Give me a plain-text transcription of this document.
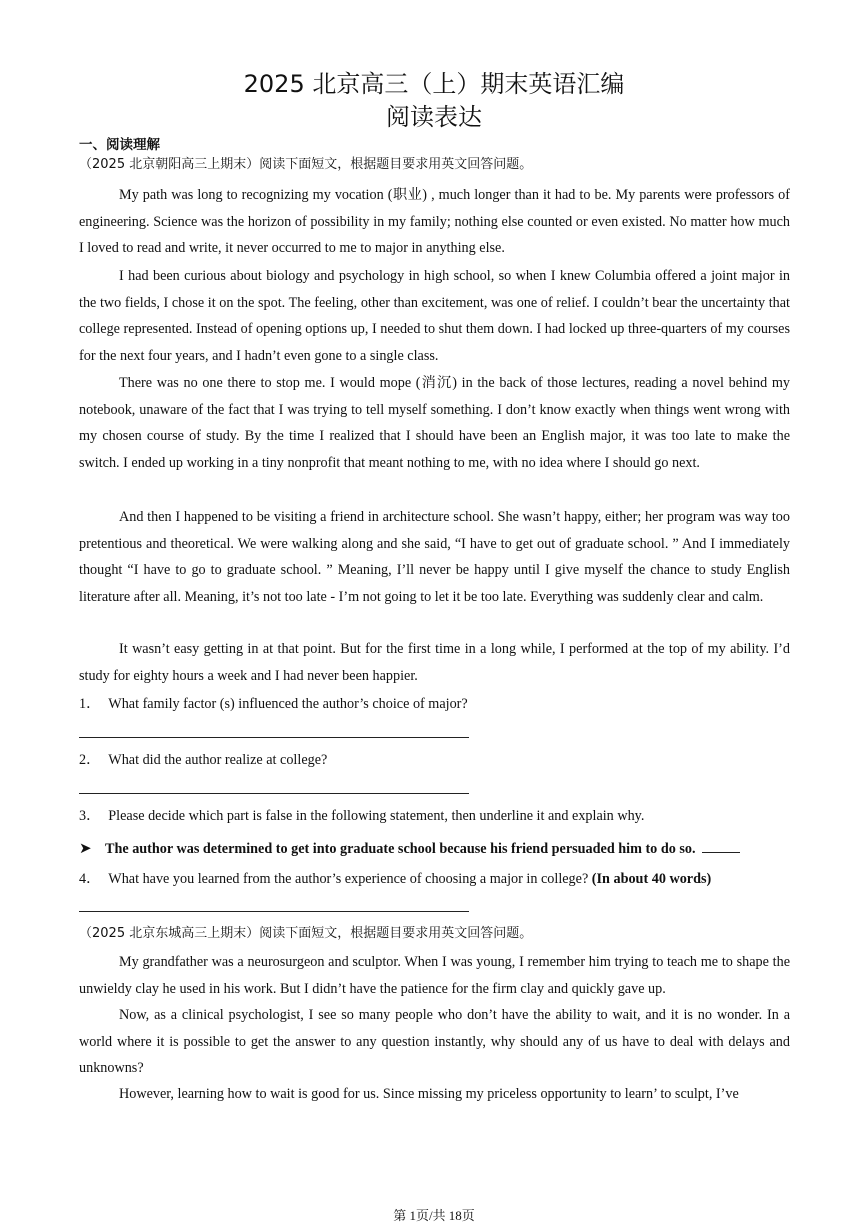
2025 北京高三（上）期末英语汇编
阅读表达
一、阅读理解
（2025 北京朝阳高三上期末）阅读下面短文，根据题目要求用英文回答问题。

My path was long to recognizing my vocation (职业) , much longer than it had to be. My parents were professors of engineering. Science was the horizon of possibility in my family; nothing else counted or even existed. No matter how much I loved to read and write, it never occurred to me to major in anything else.

I had been curious about biology and psychology in high school, so when I knew Columbia offered a joint major in the two fields, I chose it on the spot. The feeling, other than excitement, was one of relief. I couldn’t bear the uncertainty that college represented. Instead of opening options up, I needed to shut them down. I had locked up three-quarters of my courses for the next four years, and I hadn’t even gone to a single class.

There was no one there to stop me. I would mope (消沉) in the back of those lectures, reading a novel behind my notebook, unaware of the fact that I was trying to tell myself something. I don’t know exactly when things went wrong with my chosen course of study. By the time I realized that I should have been an English major, it was too late to make the switch. I ended up working in a tiny nonprofit that meant nothing to me, with no idea where I should go next.

And then I happened to be visiting a friend in architecture school. She wasn’t happy, either; her program was way too pretentious and theoretical. We were walking along and she said, “I have to get out of graduate school. ” And I immediately thought “I have to go to graduate school. ” Meaning, I’ll never be happy until I give myself the chance to study English literature after all. Meaning, it’s not too late - I’m not going to let it be too late. Everything was suddenly clear and calm.

It wasn’t easy getting in at that point. But for the first time in a long while, I performed at the top of my ability. I’d study for eighty hours a week and I had never been happier.

1． What family factor (s) influenced the author’s choice of major?
2． What did the author realize at college?
3． Please decide which part is false in the following statement, then underline it and explain why.
➤ The author was determined to get into graduate school because his friend persuaded him to do so.
4． What have you learned from the author’s experience of choosing a major in college? (In about 40 words)
（2025 北京东城高三上期末）阅读下面短文，根据题目要求用英文回答问题。

My grandfather was a neurosurgeon and sculptor. When I was young, I remember him trying to teach me to shape the unwieldy clay he used in his work. But I didn’t have the patience for the firm clay and quickly gave up.

Now, as a clinical psychologist, I see so many people who don’t have the ability to wait, and it is no wonder. In a world where it is possible to get the answer to any question instantly, why should any of us have to deal with delays and unknowns?

However, learning how to wait is good for us. Since missing my priceless opportunity to learn’ to sculpt, I’ve

第 1页/共 18页
